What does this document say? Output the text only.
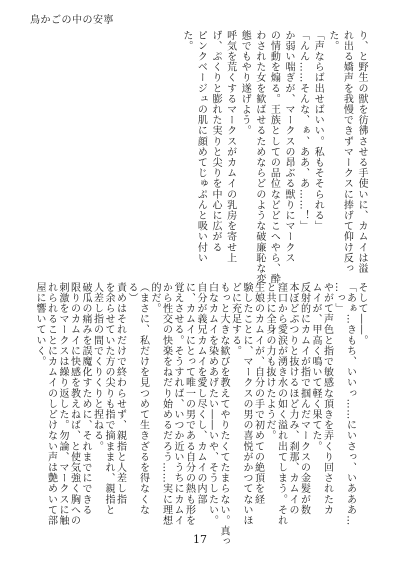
鳥かごの中の安寧
り、と野生の獣を彷彿させる手使いに、カムイは溢
れ出る嬌声を我慢できずマークスに捧げて仰け反っ
た。
「声ならば出せばいい。私もそそられる」
「んん……そんな、ぁ、ああ、あ……！」
か弱い喘ぎが、マークスの昂ぶる獣りにマークス
の情動を煽る。王族としての品位などどこへやら、酔
わされた女を歓ばせるためならどのような破廉恥な変
態でもやり遂げよう。
呼気を荒くするマークスがカムイの乳房を寄せ上
げ、ぷくりと膨れた実りと尖りを中心に広がる
ピンクベージュの肌に顔めてじゅぷんと吸い付い
た。
そして――。
「あぁ…きもち、いいっ……にいさっ、いあああ…
…っ」
やがて声色と指で敏感な頂きを弄くり回されたカ
ムイが、甲高く鳴いて軽く果てた。
反射的にカムイが指で掴んだマークスの金髪が数
本ぼどぷつりと抜けるほど力み、刹那、カムイの
窪口から愛涙が湧き水の如く溢れ出てしまう。それ
と共に全身の力も抜けたようだ。
生娘のカムイが、自分の手で初めての絶頂を経
験したことに、マークスの男の喜悦がかつてないほ
どに充足する。
もっと大きな歓びを教えてやりたくてたまらない。真っ
白なカムイを染めあげたい――いや、そうしたい。
自分が義兄カムイを愛し尽くし、カムイの内部
に、カムイにとって唯一の男である自分の熱も形を
覚えさせる。そうすれば、いつか近いうちにカムイ
から性交の快楽をねだり始めるだろう……実に理想
的だ。
（まさに、私だけを見つめて生きざるを得なくな
る）
責めはそれだけで終わらせず、親指と人差し指
を余らせていた方の尖りも指で摘ままれ、親指と
人差し指の間でくりくりと捏ねる。
破瓜の痛みを誤魔化すために、それまでにできる
限りのカムイに快感を教えねば、と使気強く胸への
刺激をマークスは繰り返した。勿論、マークスに触
れられることにカムイのしどけない声は艶めいて部
屋に響いていく。
17
